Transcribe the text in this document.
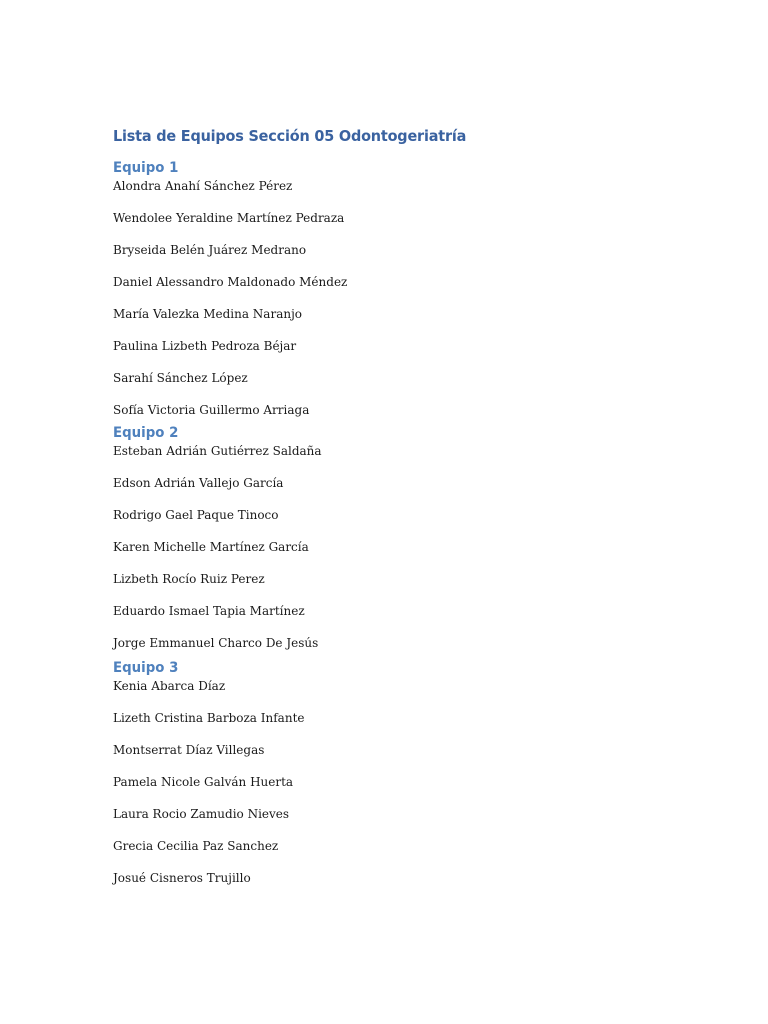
Lista de Equipos Sección 05 Odontogeriatría
Equipo 1
Alondra Anahí Sánchez Pérez
Wendolee Yeraldine Martínez Pedraza
Bryseida Belén Juárez Medrano
Daniel Alessandro Maldonado Méndez
María Valezka Medina Naranjo
Paulina Lizbeth Pedroza Béjar
Sarahí Sánchez López
Sofía Victoria Guillermo Arriaga
Equipo 2
Esteban Adrián Gutiérrez Saldaña
Edson Adrián Vallejo García
Rodrigo Gael Paque Tinoco
Karen Michelle Martínez García
Lizbeth Rocío Ruiz Perez
Eduardo Ismael Tapia Martínez
Jorge Emmanuel Charco De Jesús
Equipo 3
Kenia Abarca Díaz
Lizeth Cristina Barboza Infante
Montserrat Díaz Villegas
Pamela Nicole Galván Huerta
Laura Rocio Zamudio Nieves
Grecia Cecilia Paz Sanchez
Josué Cisneros Trujillo
